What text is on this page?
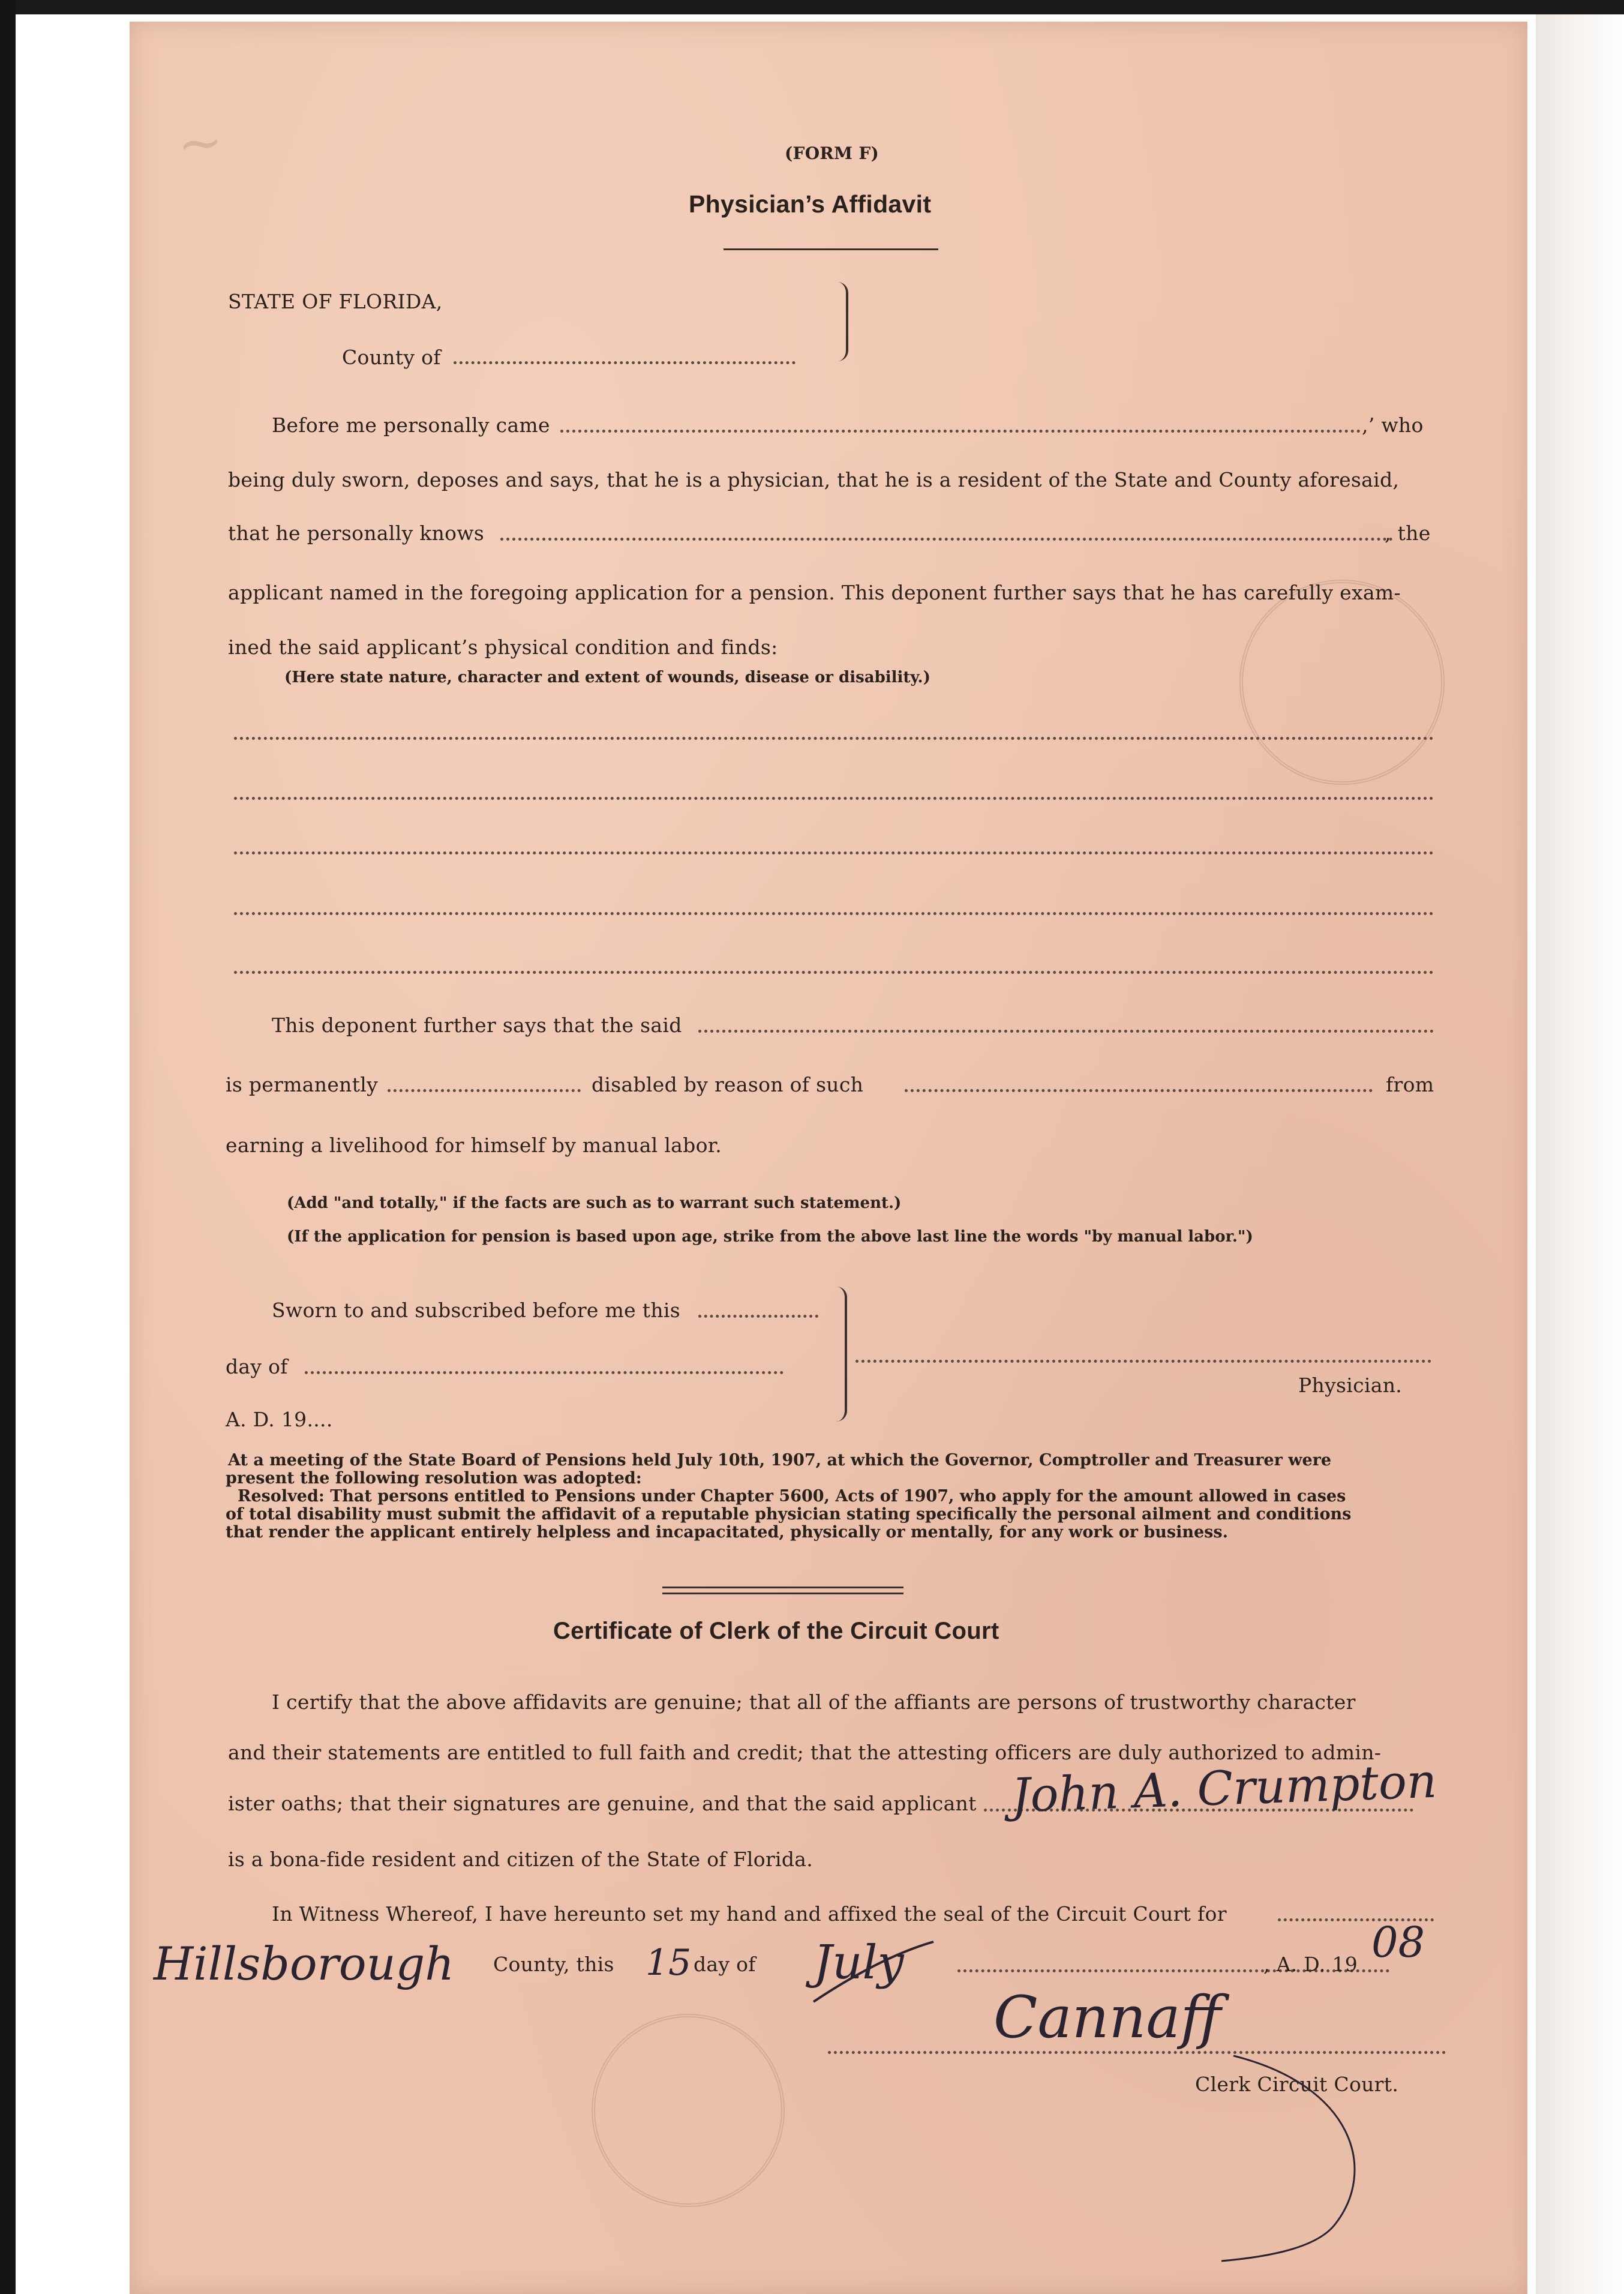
~	(FORM F)
Physician’s Affidavit
STATE OF FLORIDA,
County of
Before me personally came	,’ who
being duly sworn, deposes and says, that he is a physician, that he is a resident of the State and County aforesaid,
that he personally knows	, the
applicant named in the foregoing application for a pension. This deponent further says that he has carefully exam-
ined the said applicant’s physical condition and finds:
(Here state nature, character and extent of wounds, disease or disability.)
This deponent further says that the said
is permanently	disabled by reason of such	from
earning a livelihood for himself by manual labor.
(Add "and totally," if the facts are such as to warrant such statement.)
(If the application for pension is based upon age, strike from the above last line the words "by manual labor.")
Sworn to and subscribed before me this
day of
A. D. 19....
Physician.
At a meeting of the State Board of Pensions held July 10th, 1907, at which the Governor, Comptroller and Treasurer were
present the following resolution was adopted:
Resolved: That persons entitled to Pensions under Chapter 5600, Acts of 1907, who apply for the amount allowed in cases
of total disability must submit the affidavit of a reputable physician stating specifically the personal ailment and conditions
that render the applicant entirely helpless and incapacitated, physically or mentally, for any work or business.
Certificate of Clerk of the Circuit Court
I certify that the above affidavits are genuine; that all of the affiants are persons of trustworthy character
and their statements are entitled to full faith and credit; that the attesting officers are duly authorized to admin-
ister oaths; that their signatures are genuine, and that the said applicant John A. Crumpton
is a bona-fide resident and citizen of the State of Florida.
In Witness Whereof, I have hereunto set my hand and affixed the seal of the Circuit Court for
Hillsborough County, this 15 day of July	, A. D. 19 08
Cannaff
Clerk Circuit Court.
